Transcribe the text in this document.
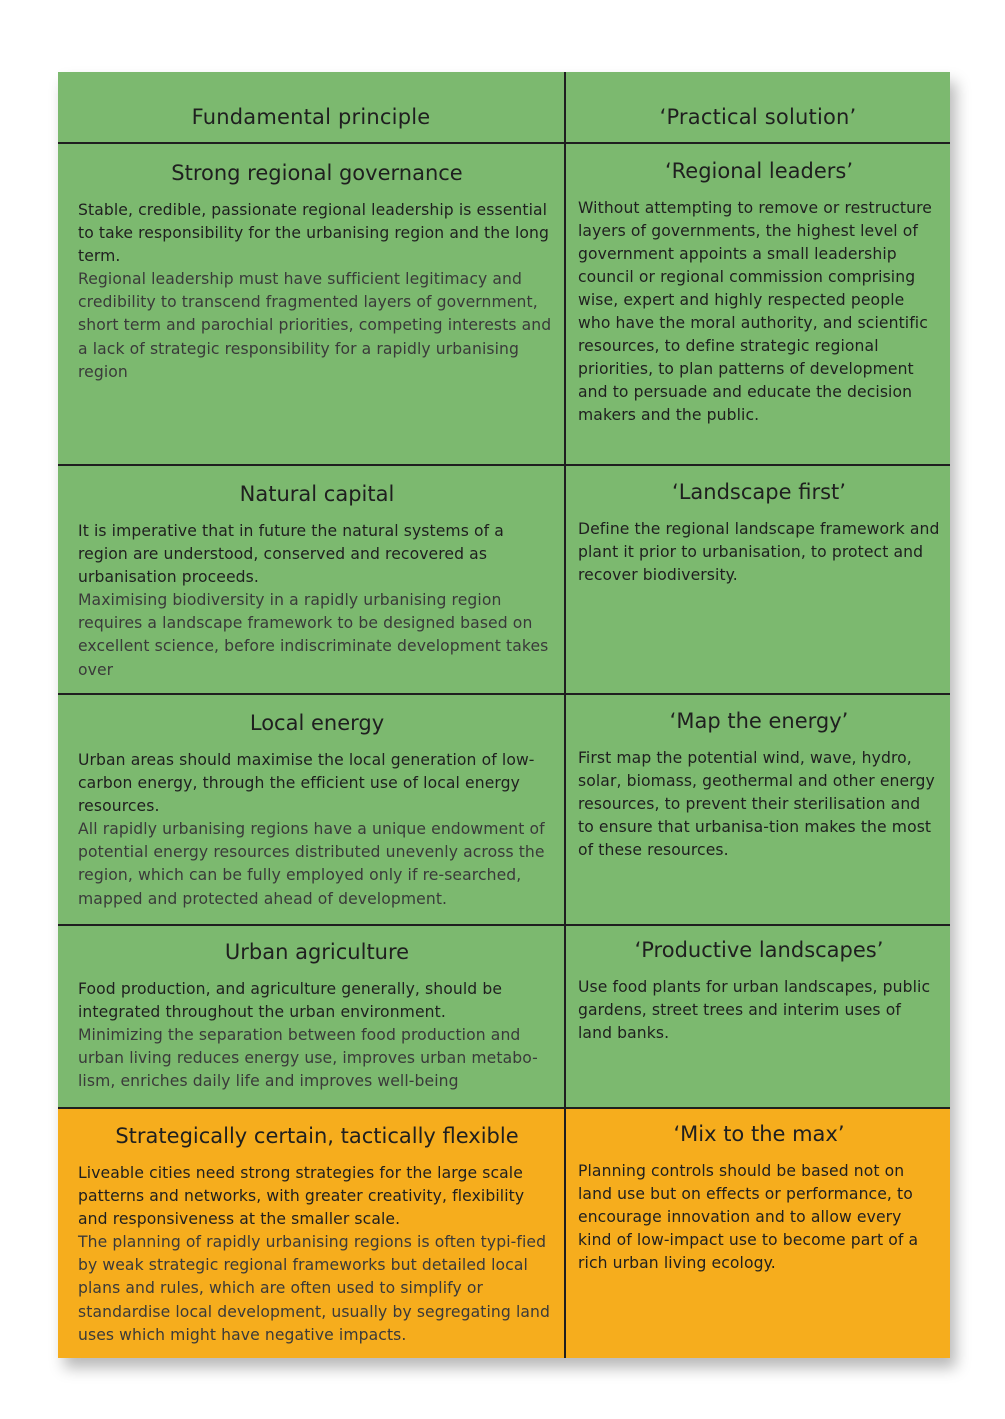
Fundamental principle	‘Practical solution’

Strong regional governance

Stable, credible, passionate regional leadership is essential to take responsibility for the urbanising region and the long term.

Regional leadership must have sufficient legitimacy and credibility to transcend fragmented layers of government, short term and parochial priorities, competing interests and a lack of strategic responsibility for a rapidly urbanising region

‘Regional leaders’

Without attempting to remove or restructure layers of governments, the highest level of government appoints a small leadership council or regional commission comprising wise, expert and highly respected people who have the moral authority, and scientific resources, to define strategic regional priorities, to plan patterns of development and to persuade and educate the decision makers and the public.

Natural capital

It is imperative that in future the natural systems of a region are understood, conserved and recovered as urbanisation proceeds.

Maximising biodiversity in a rapidly urbanising region requires a landscape framework to be designed based on excellent science, before indiscriminate development takes over

‘Landscape first’

Define the regional landscape framework and plant it prior to urbanisation, to protect and recover biodiversity.

Local energy

Urban areas should maximise the local generation of low-carbon energy, through the efficient use of local energy resources.

All rapidly urbanising regions have a unique endowment of potential energy resources distributed unevenly across the region, which can be fully employed only if re-searched, mapped and protected ahead of development.

‘Map the energy’

First map the potential wind, wave, hydro, solar, biomass, geothermal and other energy resources, to prevent their sterilisation and to ensure that urbanisa-tion makes the most of these resources.

Urban agriculture

Food production, and agriculture generally, should be integrated throughout the urban environment.

Minimizing the separation between food production and urban living reduces energy use, improves urban metabo-lism, enriches daily life and improves well-being

‘Productive landscapes’

Use food plants for urban landscapes, public gardens, street trees and interim uses of land banks.

Strategically certain, tactically flexible

Liveable cities need strong strategies for the large scale patterns and networks, with greater creativity, flexibility and responsiveness at the smaller scale.

The planning of rapidly urbanising regions is often typi-fied by weak strategic regional frameworks but detailed local plans and rules, which are often used to simplify or standardise local development, usually by segregating land uses which might have negative impacts.

‘Mix to the max’

Planning controls should be based not on land use but on effects or performance, to encourage innovation and to allow every kind of low-impact use to become part of a rich urban living ecology.
